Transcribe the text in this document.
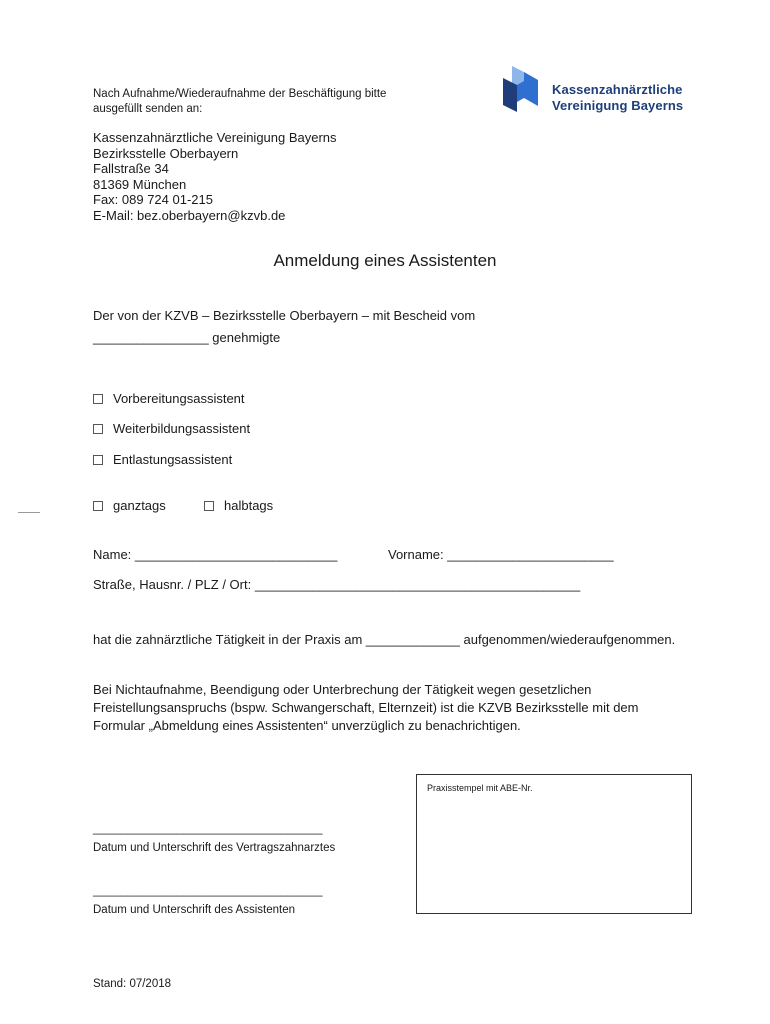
Nach Aufnahme/Wiederaufnahme der Beschäftigung bitte
ausgefüllt senden an:
Kassenzahnärztliche
Vereinigung Bayerns
Kassenzahnärztliche Vereinigung Bayerns
Bezirksstelle Oberbayern
Fallstraße 34
81369 München
Fax: 089 724 01-215
E-Mail: bez.oberbayern@kzvb.de
Anmeldung eines Assistenten
Der von der KZVB – Bezirksstelle Oberbayern – mit Bescheid vom
________________ genehmigte
Vorbereitungsassistent
Weiterbildungsassistent
Entlastungsassistent
ganztags	halbtags
Name: ____________________________	Vorname: _______________________
Straße, Hausnr. / PLZ / Ort: _____________________________________________
hat die zahnärztliche Tätigkeit in der Praxis am _____________ aufgenommen/wiederaufgenommen.
Bei Nichtaufnahme, Beendigung oder Unterbrechung der Tätigkeit wegen gesetzlichen
Freistellungsanspruchs (bspw. Schwangerschaft, Elternzeit) ist die KZVB Bezirksstelle mit dem
Formular „Abmeldung eines Assistenten“ unverzüglich zu benachrichtigen.
_________________________________
Datum und Unterschrift des Vertragszahnarztes
_________________________________
Datum und Unterschrift des Assistenten
Praxisstempel mit ABE-Nr.
Stand: 07/2018
